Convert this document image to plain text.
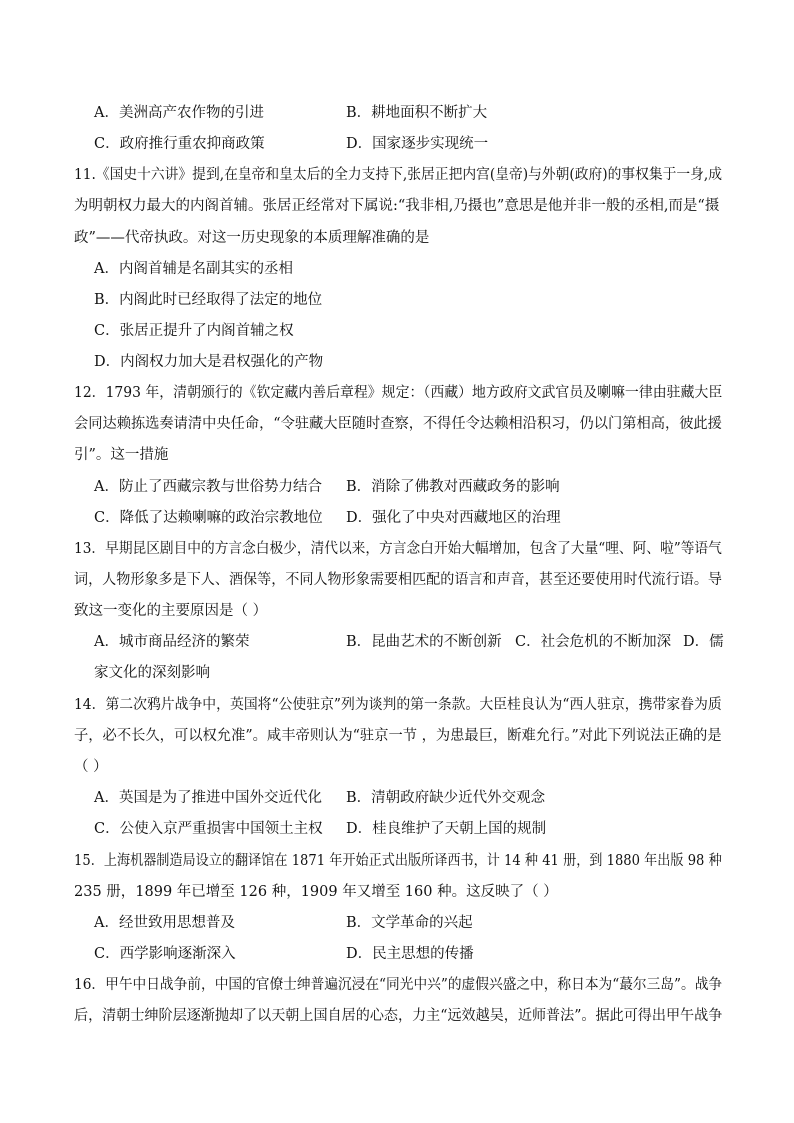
A．美洲高产农作物的引进	B．耕地面积不断扩大
C．政府推行重农抑商政策	D．国家逐步实现统一
11.《国史十六讲》提到,在皇帝和皇太后的全力支持下,张居正把内宫(皇帝)与外朝(政府)的事权集于一身,成
为明朝权力最大的内阁首辅。张居正经常对下属说:“我非相,乃摄也”意思是他并非一般的丞相,而是“摄
政”——代帝执政。对这一历史现象的本质理解准确的是
A．内阁首辅是名副其实的丞相
B．内阁此时已经取得了法定的地位
C．张居正提升了内阁首辅之权
D．内阁权力加大是君权强化的产物
12．1793 年，清朝颁行的《钦定藏内善后章程》规定：（西藏）地方政府文武官员及喇嘛一律由驻藏大臣
会同达赖拣选奏请清中央任命，“令驻藏大臣随时查察，不得任令达赖相沿积习，仍以门第相高，彼此援
引”。这一措施
A．防止了西藏宗教与世俗势力结合 B．消除了佛教对西藏政务的影响
C．降低了达赖喇嘛的政治宗教地位 D．强化了中央对西藏地区的治理
13．早期昆区剧目中的方言念白极少，清代以来，方言念白开始大幅增加，包含了大量“哩、阿、啦”等语气
词，人物形象多是下人、酒保等，不同人物形象需要相匹配的语言和声音，甚至还要使用时代流行语。导
致这一变化的主要原因是（ ）
A．城市商品经济的繁荣	B．昆曲艺术的不断创新 C．社会危机的不断加深 D．儒
家文化的深刻影响
14．第二次鸦片战争中，英国将“公使驻京”列为谈判的第一条款。大臣桂良认为“西人驻京，携带家眷为质
子，必不长久，可以权允准”。咸丰帝则认为“驻京一节 ，为患最巨，断难允行。”对此下列说法正确的是
（ ）
A．英国是为了推进中国外交近代化 B．清朝政府缺少近代外交观念
C．公使入京严重损害中国领土主权 D．桂良维护了天朝上国的规制
15．上海机器制造局设立的翻译馆在 1871 年开始正式出版所译西书，计 14 种 41 册，到 1880 年出版 98 种
235 册，1899 年已增至 126 种，1909 年又增至 160 种。这反映了（ ）
A．经世致用思想普及	B．文学革命的兴起
C．西学影响逐渐深入	D．民主思想的传播
16．甲午中日战争前，中国的官僚士绅普遍沉浸在“同光中兴”的虚假兴盛之中，称日本为“蕞尔三岛”。战争
后，清朝士绅阶层逐渐抛却了以天朝上国自居的心态，力主“远效越吴，近师普法”。据此可得出甲午战争
